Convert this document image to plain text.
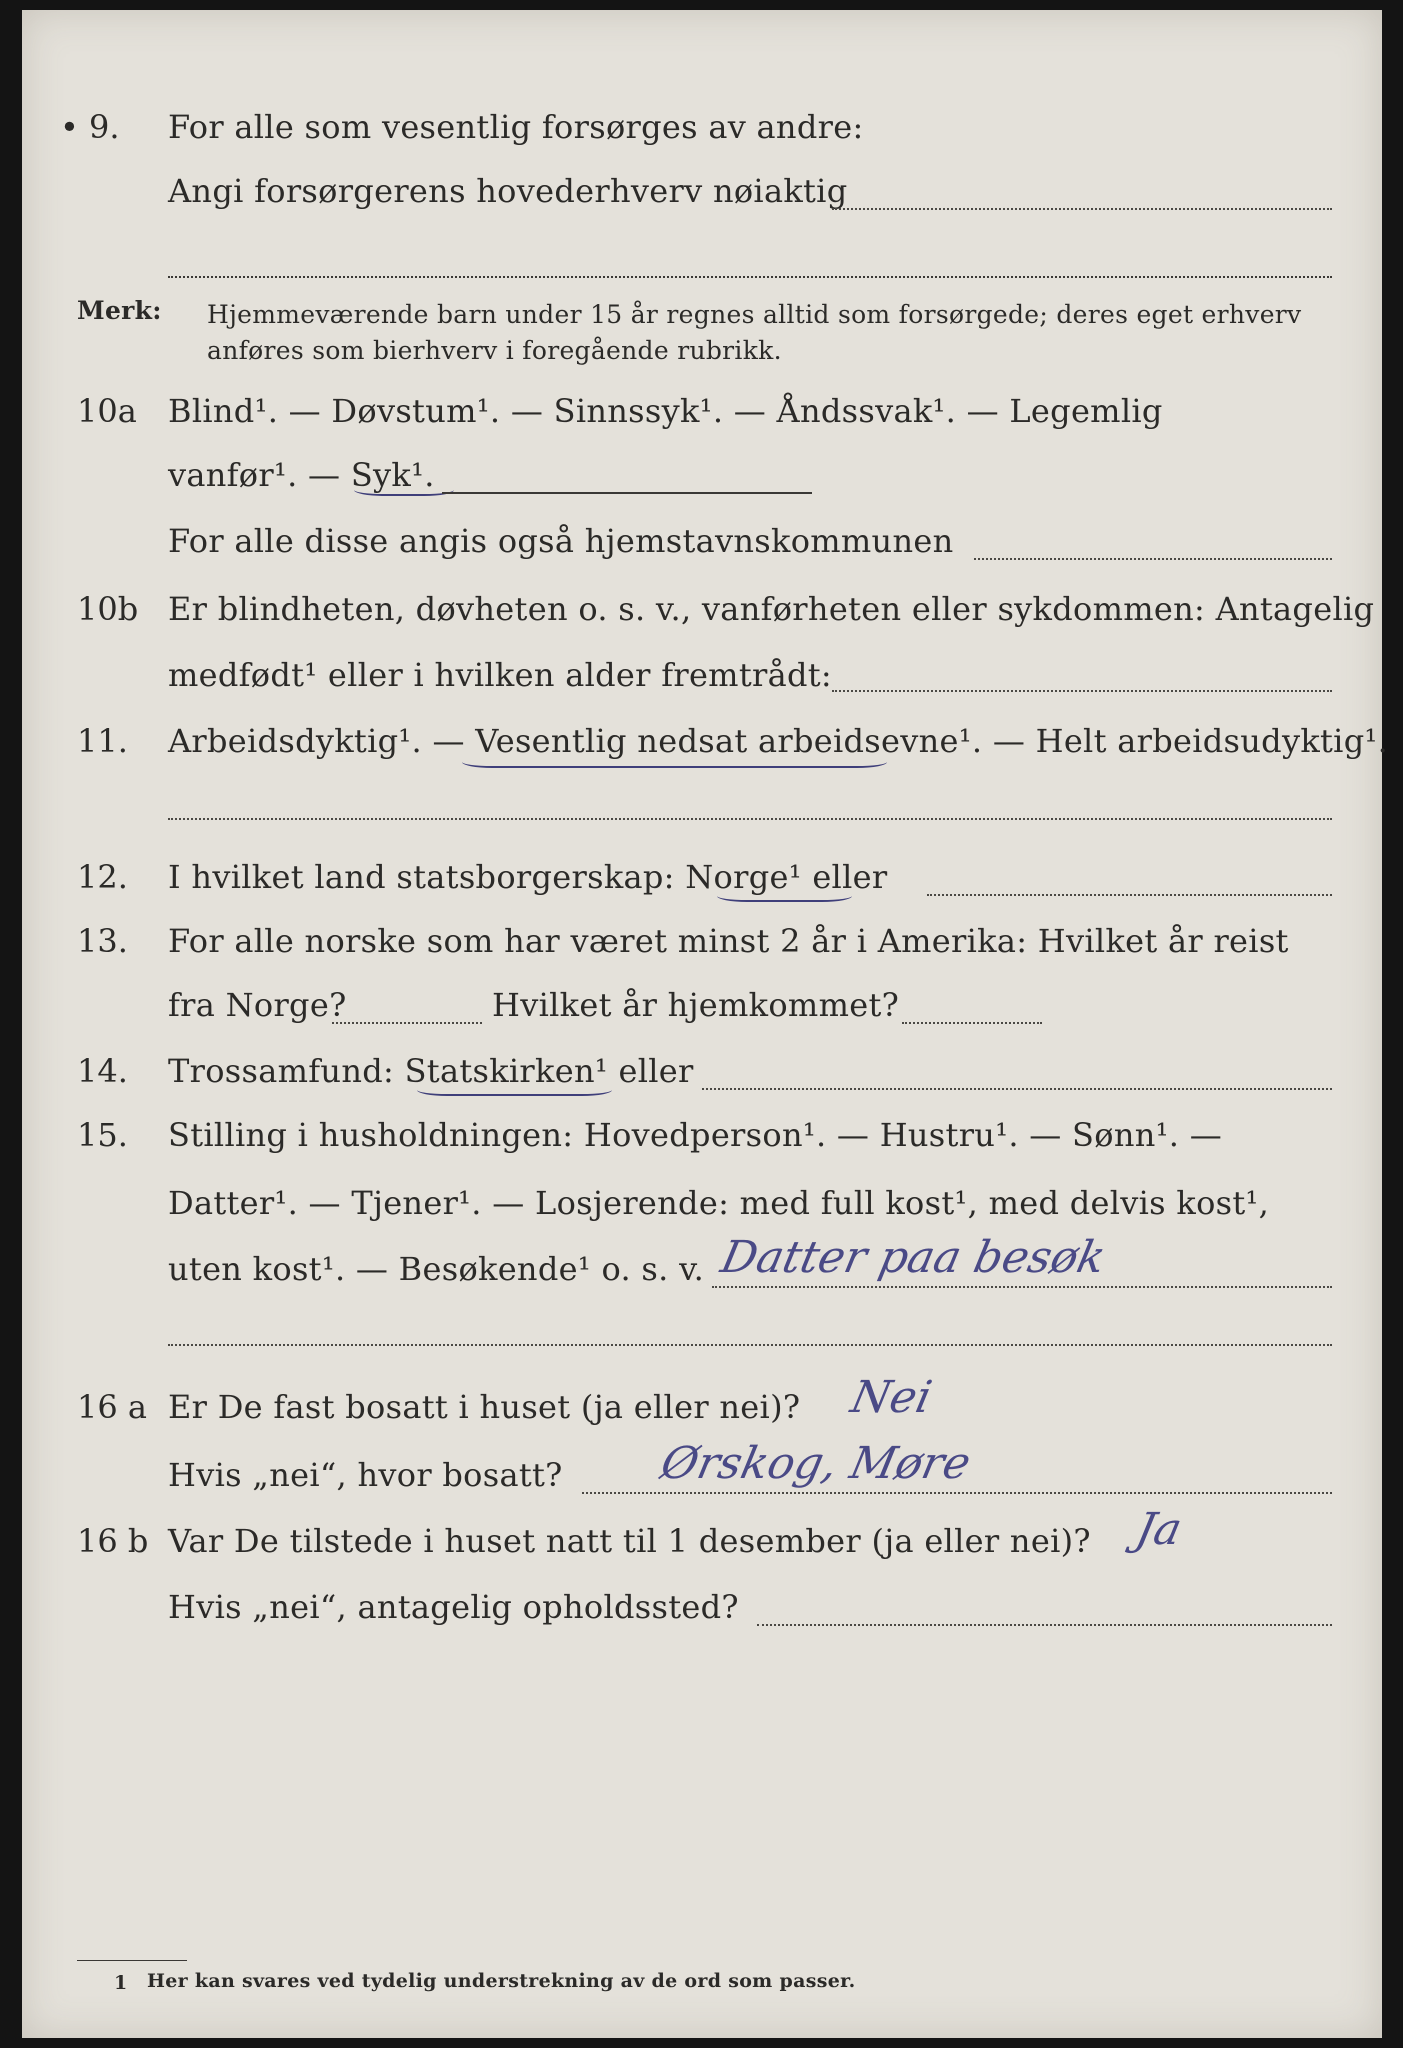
• 9. For alle som vesentlig forsørges av andre:
Angi forsørgerens hovederhverv nøiaktig
Merk: Hjemmeværende barn under 15 år regnes alltid som forsørgede; deres eget erhverv
anføres som bierhverv i foregående rubrikk.
10a Blind¹. — Døvstum¹. — Sinnssyk¹. — Åndssvak¹. — Legemlig
vanfør¹. — Syk¹.
For alle disse angis også hjemstavnskommunen
10b Er blindheten, døvheten o. s. v., vanførheten eller sykdommen: Antagelig
medfødt¹ eller i hvilken alder fremtrådt:
11. Arbeidsdyktig¹. — Vesentlig nedsat arbeidsevne¹. — Helt arbeidsudyktig¹.
12. I hvilket land statsborgerskap: Norge¹ eller
13. For alle norske som har været minst 2 år i Amerika: Hvilket år reist
fra Norge?	Hvilket år hjemkommet?
14. Trossamfund: Statskirken¹ eller
15. Stilling i husholdningen: Hovedperson¹. — Hustru¹. — Sønn¹. —
Datter¹. — Tjener¹. — Losjerende: med full kost¹, med delvis kost¹,
uten kost¹. — Besøkende¹ o. s. v. Datter paa besøk
16 a Er De fast bosatt i huset (ja eller nei)? Nei
Hvis „nei“, hvor bosatt? Ørskog, Møre
16 b Var De tilstede i huset natt til 1 desember (ja eller nei)? Ja
Hvis „nei“, antagelig opholdssted?
1 Her kan svares ved tydelig understrekning av de ord som passer.
